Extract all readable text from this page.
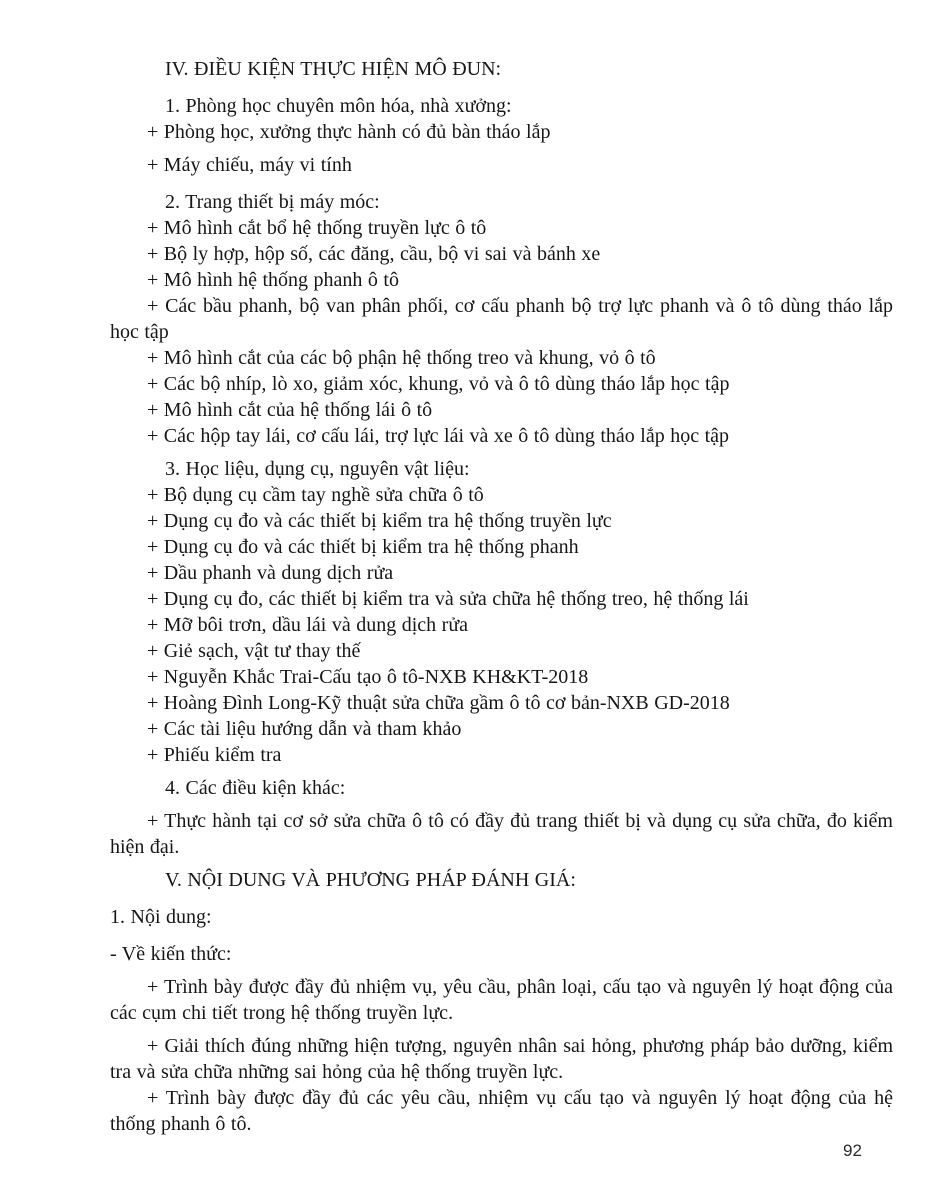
IV. ĐIỀU KIỆN THỰC HIỆN MÔ ĐUN:

1. Phòng học chuyên môn hóa, nhà xưởng:

+ Phòng học, xưởng thực hành có đủ bàn tháo lắp

+ Máy chiếu, máy vi tính

2. Trang thiết bị máy móc:

+ Mô hình cắt bổ hệ thống truyền lực ô tô

+ Bộ ly hợp, hộp số, các đăng, cầu, bộ vi sai và bánh xe

+ Mô hình hệ thống phanh ô tô

+ Các bầu phanh, bộ van phân phối, cơ cấu phanh bộ trợ lực phanh và ô tô dùng tháo lắp học tập

+ Mô hình cắt của các bộ phận hệ thống treo và khung, vỏ ô tô

+ Các bộ nhíp, lò xo, giảm xóc, khung, vỏ và ô tô dùng tháo lắp học tập

+ Mô hình cắt của hệ thống lái ô tô

+ Các hộp tay lái, cơ cấu lái, trợ lực lái và xe ô tô dùng tháo lắp học tập

3. Học liệu, dụng cụ, nguyên vật liệu:

+ Bộ dụng cụ cầm tay nghề sửa chữa ô tô

+ Dụng cụ đo và các thiết bị kiểm tra hệ thống truyền lực

+ Dụng cụ đo và các thiết bị kiểm tra hệ thống phanh

+ Dầu phanh và dung dịch rửa

+ Dụng cụ đo, các thiết bị kiểm tra và sửa chữa hệ thống treo, hệ thống lái

+ Mỡ bôi trơn, dầu lái và dung dịch rửa

+ Giẻ sạch, vật tư thay thế

+ Nguyễn Khắc Trai-Cấu tạo ô tô-NXB KH&KT-2018

+ Hoàng Đình Long-Kỹ thuật sửa chữa gầm ô tô cơ bản-NXB GD-2018

+ Các tài liệu hướng dẫn và tham khảo

+ Phiếu kiểm tra

4. Các điều kiện khác:

+ Thực hành tại cơ sở sửa chữa ô tô có đầy đủ trang thiết bị và dụng cụ sửa chữa, đo kiểm hiện đại.

V. NỘI DUNG VÀ PHƯƠNG PHÁP ĐÁNH GIÁ:

1. Nội dung:

- Về kiến thức:

+ Trình bày được đầy đủ nhiệm vụ, yêu cầu, phân loại, cấu tạo và nguyên lý hoạt động của các cụm chi tiết trong hệ thống truyền lực.

+ Giải thích đúng những hiện tượng, nguyên nhân sai hỏng, phương pháp bảo dưỡng, kiểm tra và sửa chữa những sai hỏng của hệ thống truyền lực.

+ Trình bày được đầy đủ các yêu cầu, nhiệm vụ cấu tạo và nguyên lý hoạt động của hệ thống phanh ô tô.

92
